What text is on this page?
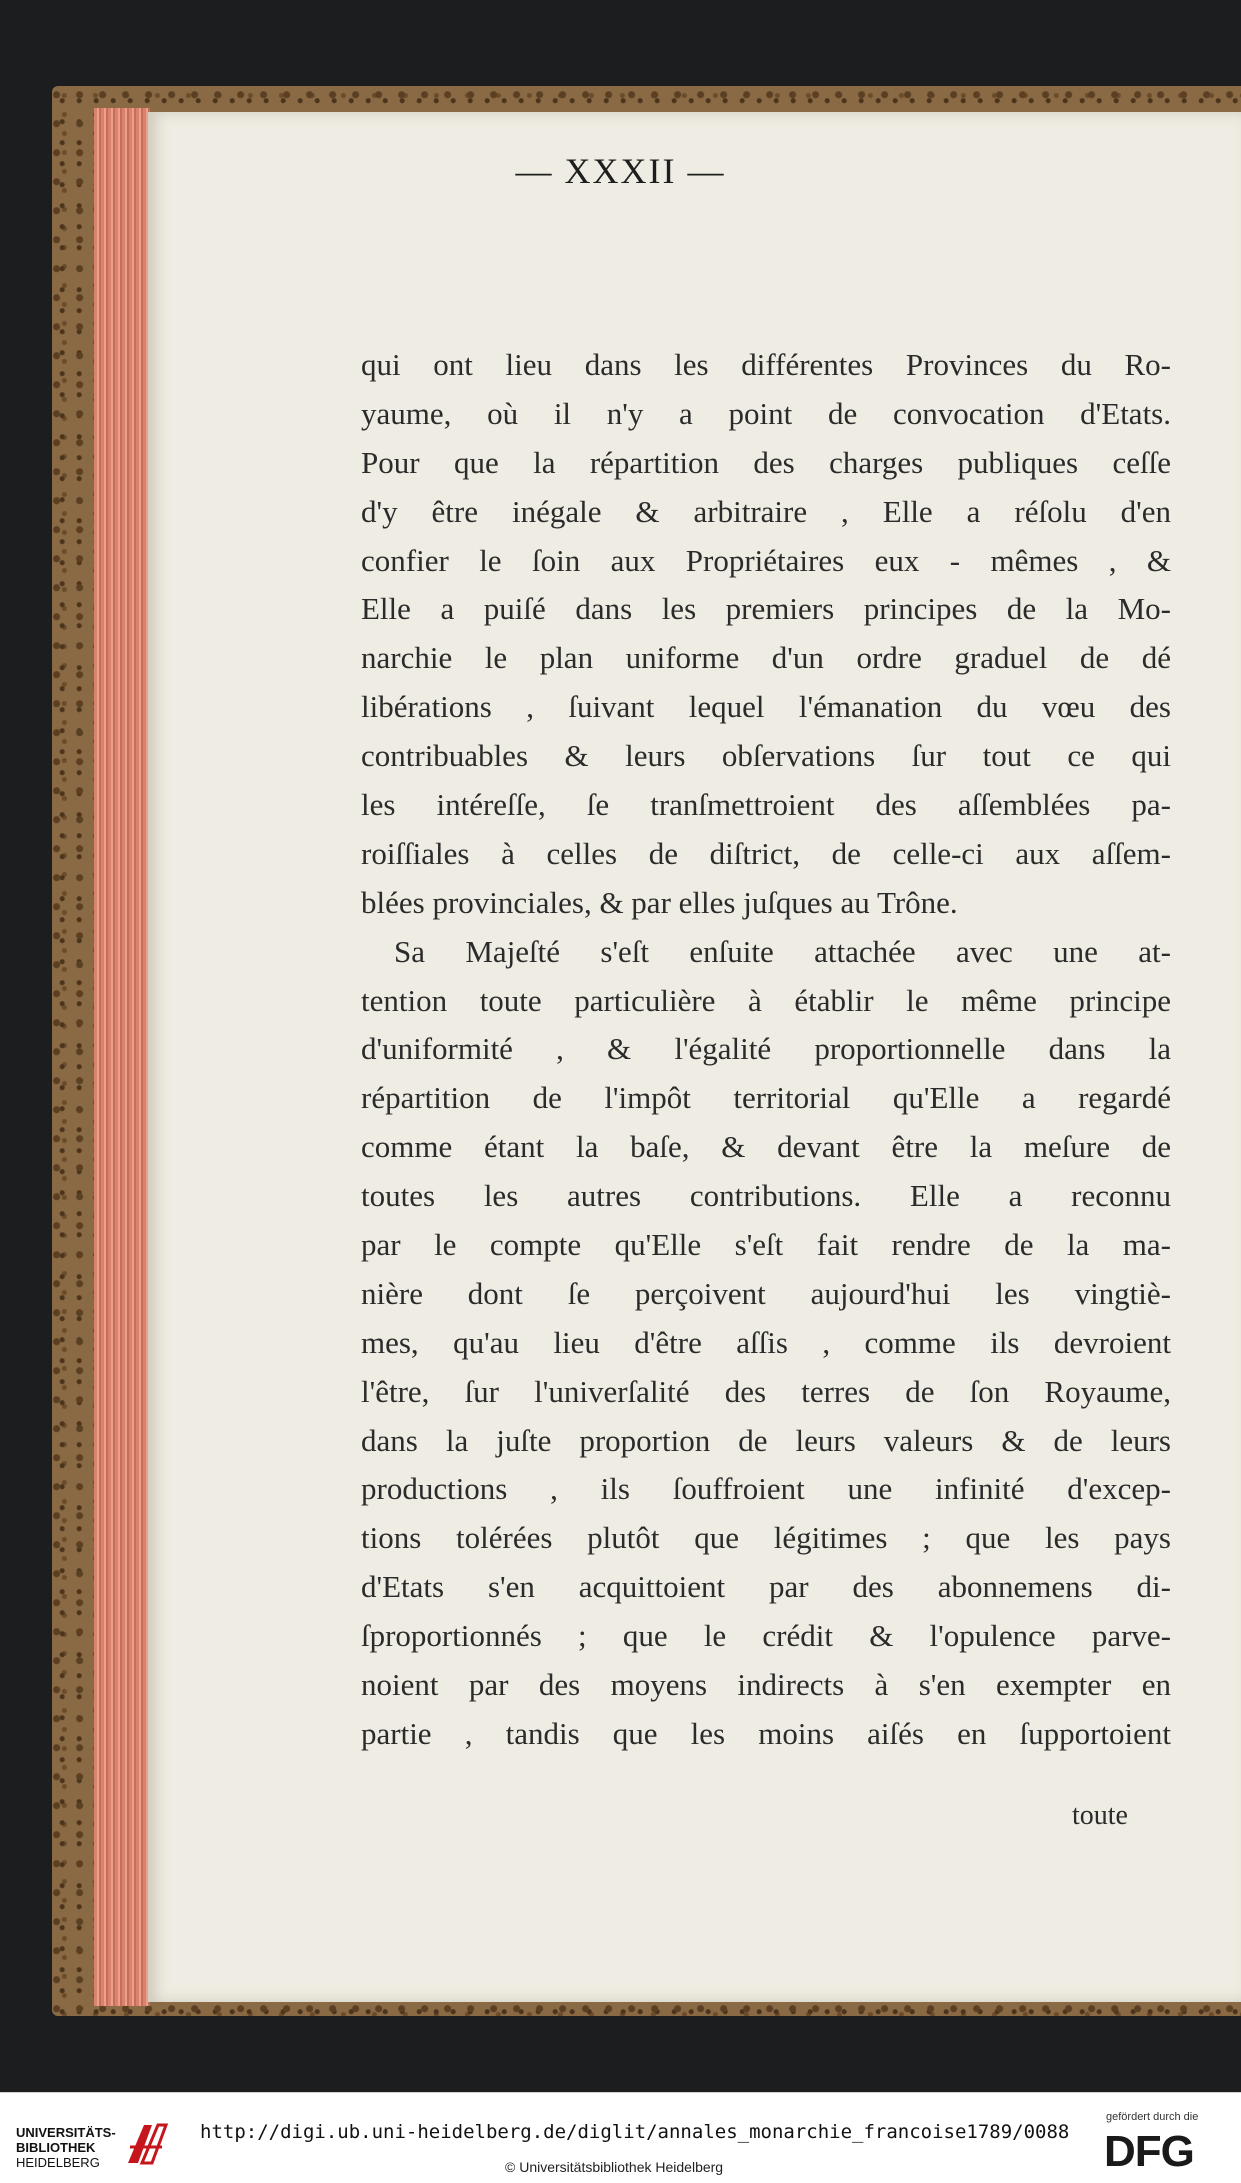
— XXXII —
qui ont lieu dans les différentes Provinces du Ro-
yaume, où il n'y a point de convocation d'Etats.
Pour que la répartition des charges publiques ceſſe
d'y être inégale & arbitraire , Elle a réſolu d'en
confier le ſoin aux Propriétaires eux - mêmes , &
Elle a puiſé dans les premiers principes de la Mo-
narchie le plan uniforme d'un ordre graduel de dé
libérations , ſuivant lequel l'émanation du vœu des
contribuables & leurs obſervations ſur tout ce qui
les intéreſſe, ſe tranſmettroient des aſſemblées pa-
roiſſiales à celles de diſtrict, de celle-ci aux aſſem-
blées provinciales, & par elles juſques au Trône.
Sa Majeſté s'eſt enſuite attachée avec une at-
tention toute particulière à établir le même principe
d'uniformité , & l'égalité proportionnelle dans la
répartition de l'impôt territorial qu'Elle a regardé
comme étant la baſe, & devant être la meſure de
toutes les autres contributions. Elle a reconnu
par le compte qu'Elle s'eſt fait rendre de la ma-
nière dont ſe perçoivent aujourd'hui les vingtiè-
mes, qu'au lieu d'être aſſis , comme ils devroient
l'être, ſur l'univerſalité des terres de ſon Royaume,
dans la juſte proportion de leurs valeurs & de leurs
productions , ils ſouffroient une infinité d'excep-
tions tolérées plutôt que légitimes ; que les pays
d'Etats s'en acquittoient par des abonnemens di-
ſproportionnés ; que le crédit & l'opulence parve-
noient par des moyens indirects à s'en exempter en
partie , tandis que les moins aiſés en ſupportoient
toute
UNIVERSITÄTS-
BIBLIOTHEK
HEIDELBERG
http://digi.ub.uni-heidelberg.de/diglit/annales_monarchie_francoise1789/0088
© Universitätsbibliothek Heidelberg
gefördert durch die
DFG
